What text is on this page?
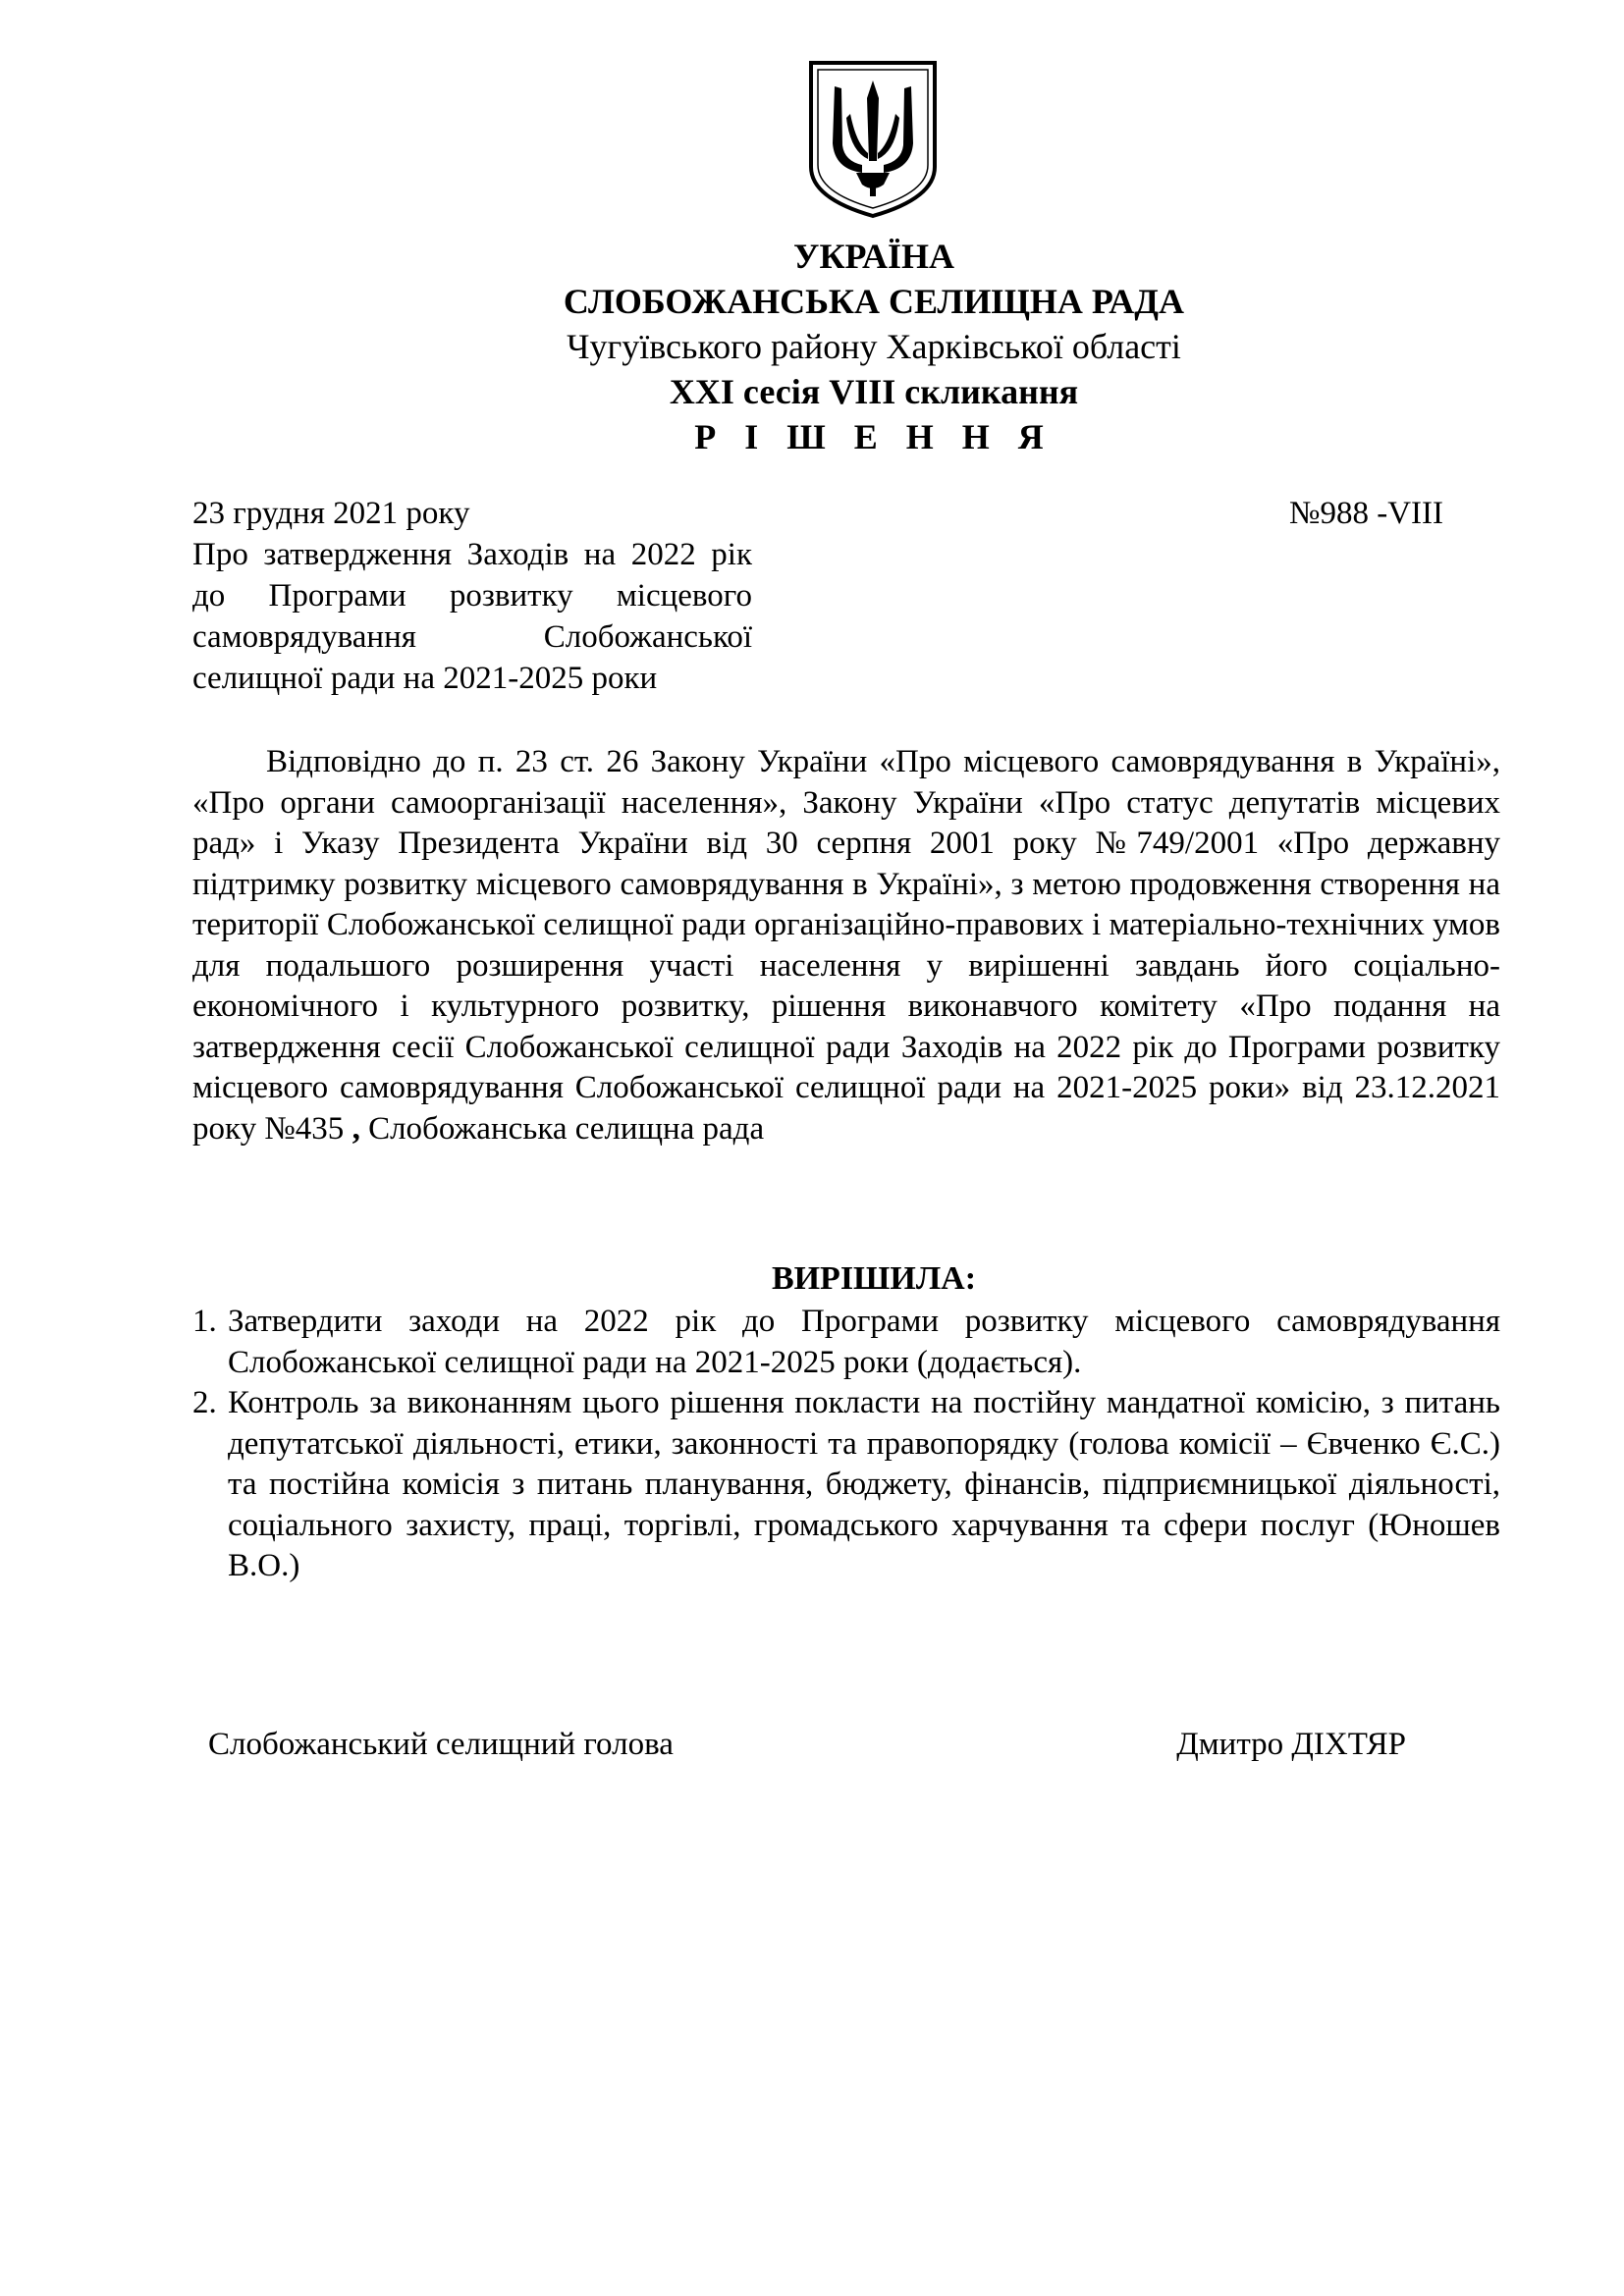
УКРАЇНА
СЛОБОЖАНСЬКА СЕЛИЩНА РАДА
Чугуївського району Харківської області
XXI сесія VIII скликання
Р І Ш Е Н Н Я
23 грудня 2021 року	№988 -VIII

Про затвердження Заходів на 2022 рік до Програми розвитку місцевого самоврядування Слобожанської селищної ради на 2021-2025 роки

Відповідно до п. 23 ст. 26 Закону України «Про місцевого самоврядування в Україні», «Про органи самоорганізації населення», Закону України «Про статус депутатів місцевих рад» і Указу Президента України від 30 серпня 2001 року №749/2001 «Про державну підтримку розвитку місцевого самоврядування в Україні», з метою продовження створення на території Слобожанської селищної ради організаційно-правових і матеріально-технічних умов для подальшого розширення участі населення у вирішенні завдань його соціально- економічного і культурного розвитку, рішення виконавчого комітету «Про подання на затвердження сесії Слобожанської селищної ради Заходів на 2022 рік до Програми розвитку місцевого самоврядування Слобожанської селищної ради на 2021-2025 роки» від 23.12.2021 року №435 , Слобожанська селищна рада

ВИРІШИЛА:
1. Затвердити заходи на 2022 рік до Програми розвитку місцевого самоврядування Слобожанської селищної ради на 2021-2025 роки (додається).
2. Контроль за виконанням цього рішення покласти на постійну мандатної комісію, з питань депутатської діяльності, етики, законності та правопорядку (голова комісії – Євченко Є.С.) та постійна комісія з питань планування, бюджету, фінансів, підприємницької діяльності, соціального захисту, праці, торгівлі, громадського харчування та сфери послуг (Юношев В.О.)
Слобожанський селищний голова	Дмитро ДІХТЯР
